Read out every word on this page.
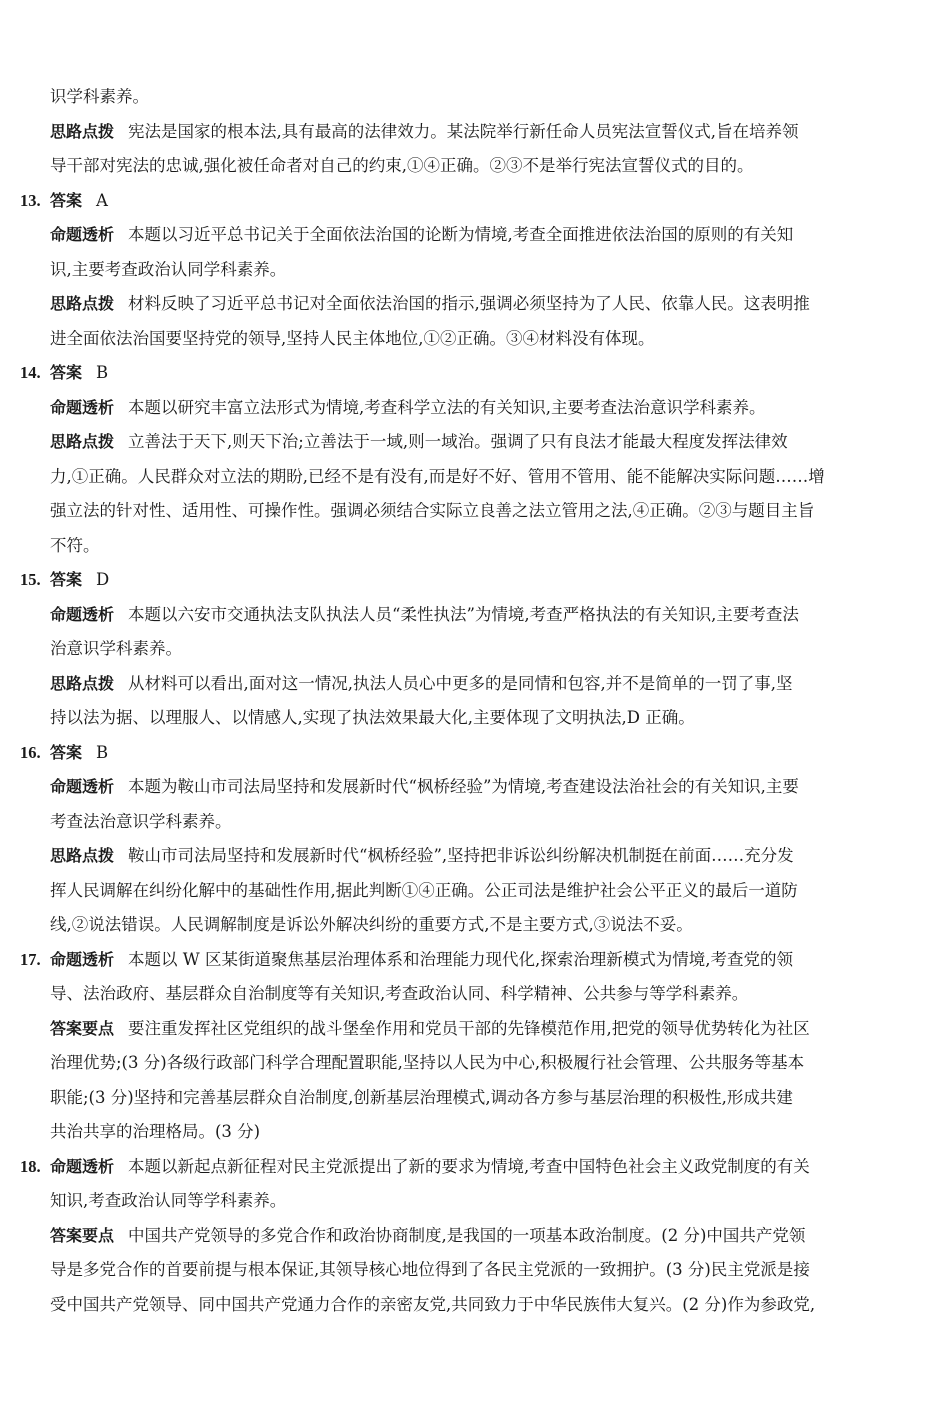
识学科素养。
思路点拨 宪法是国家的根本法,具有最高的法律效力。某法院举行新任命人员宪法宣誓仪式,旨在培养领
导干部对宪法的忠诚,强化被任命者对自己的约束,①④正确。②③不是举行宪法宣誓仪式的目的。
13. 答案 A
命题透析 本题以习近平总书记关于全面依法治国的论断为情境,考查全面推进依法治国的原则的有关知
识,主要考查政治认同学科素养。
思路点拨 材料反映了习近平总书记对全面依法治国的指示,强调必须坚持为了人民、依靠人民。这表明推
进全面依法治国要坚持党的领导,坚持人民主体地位,①②正确。③④材料没有体现。
14. 答案 B
命题透析 本题以研究丰富立法形式为情境,考查科学立法的有关知识,主要考查法治意识学科素养。
思路点拨 立善法于天下,则天下治;立善法于一域,则一域治。强调了只有良法才能最大程度发挥法律效
力,①正确。人民群众对立法的期盼,已经不是有没有,而是好不好、管用不管用、能不能解决实际问题……增
强立法的针对性、适用性、可操作性。强调必须结合实际立良善之法立管用之法,④正确。②③与题目主旨
不符。
15. 答案 D
命题透析 本题以六安市交通执法支队执法人员“柔性执法”为情境,考查严格执法的有关知识,主要考查法
治意识学科素养。
思路点拨 从材料可以看出,面对这一情况,执法人员心中更多的是同情和包容,并不是简单的一罚了事,坚
持以法为据、以理服人、以情感人,实现了执法效果最大化,主要体现了文明执法,D 正确。
16. 答案 B
命题透析 本题为鞍山市司法局坚持和发展新时代“枫桥经验”为情境,考查建设法治社会的有关知识,主要
考查法治意识学科素养。
思路点拨 鞍山市司法局坚持和发展新时代“枫桥经验”,坚持把非诉讼纠纷解决机制挺在前面……充分发
挥人民调解在纠纷化解中的基础性作用,据此判断①④正确。公正司法是维护社会公平正义的最后一道防
线,②说法错误。人民调解制度是诉讼外解决纠纷的重要方式,不是主要方式,③说法不妥。
17. 命题透析 本题以 W 区某街道聚焦基层治理体系和治理能力现代化,探索治理新模式为情境,考查党的领
导、法治政府、基层群众自治制度等有关知识,考查政治认同、科学精神、公共参与等学科素养。
答案要点 要注重发挥社区党组织的战斗堡垒作用和党员干部的先锋模范作用,把党的领导优势转化为社区
治理优势;(3 分)各级行政部门科学合理配置职能,坚持以人民为中心,积极履行社会管理、公共服务等基本
职能;(3 分)坚持和完善基层群众自治制度,创新基层治理模式,调动各方参与基层治理的积极性,形成共建
共治共享的治理格局。(3 分)
18. 命题透析 本题以新起点新征程对民主党派提出了新的要求为情境,考查中国特色社会主义政党制度的有关
知识,考查政治认同等学科素养。
答案要点 中国共产党领导的多党合作和政治协商制度,是我国的一项基本政治制度。(2 分)中国共产党领
导是多党合作的首要前提与根本保证,其领导核心地位得到了各民主党派的一致拥护。(3 分)民主党派是接
受中国共产党领导、同中国共产党通力合作的亲密友党,共同致力于中华民族伟大复兴。(2 分)作为参政党,
